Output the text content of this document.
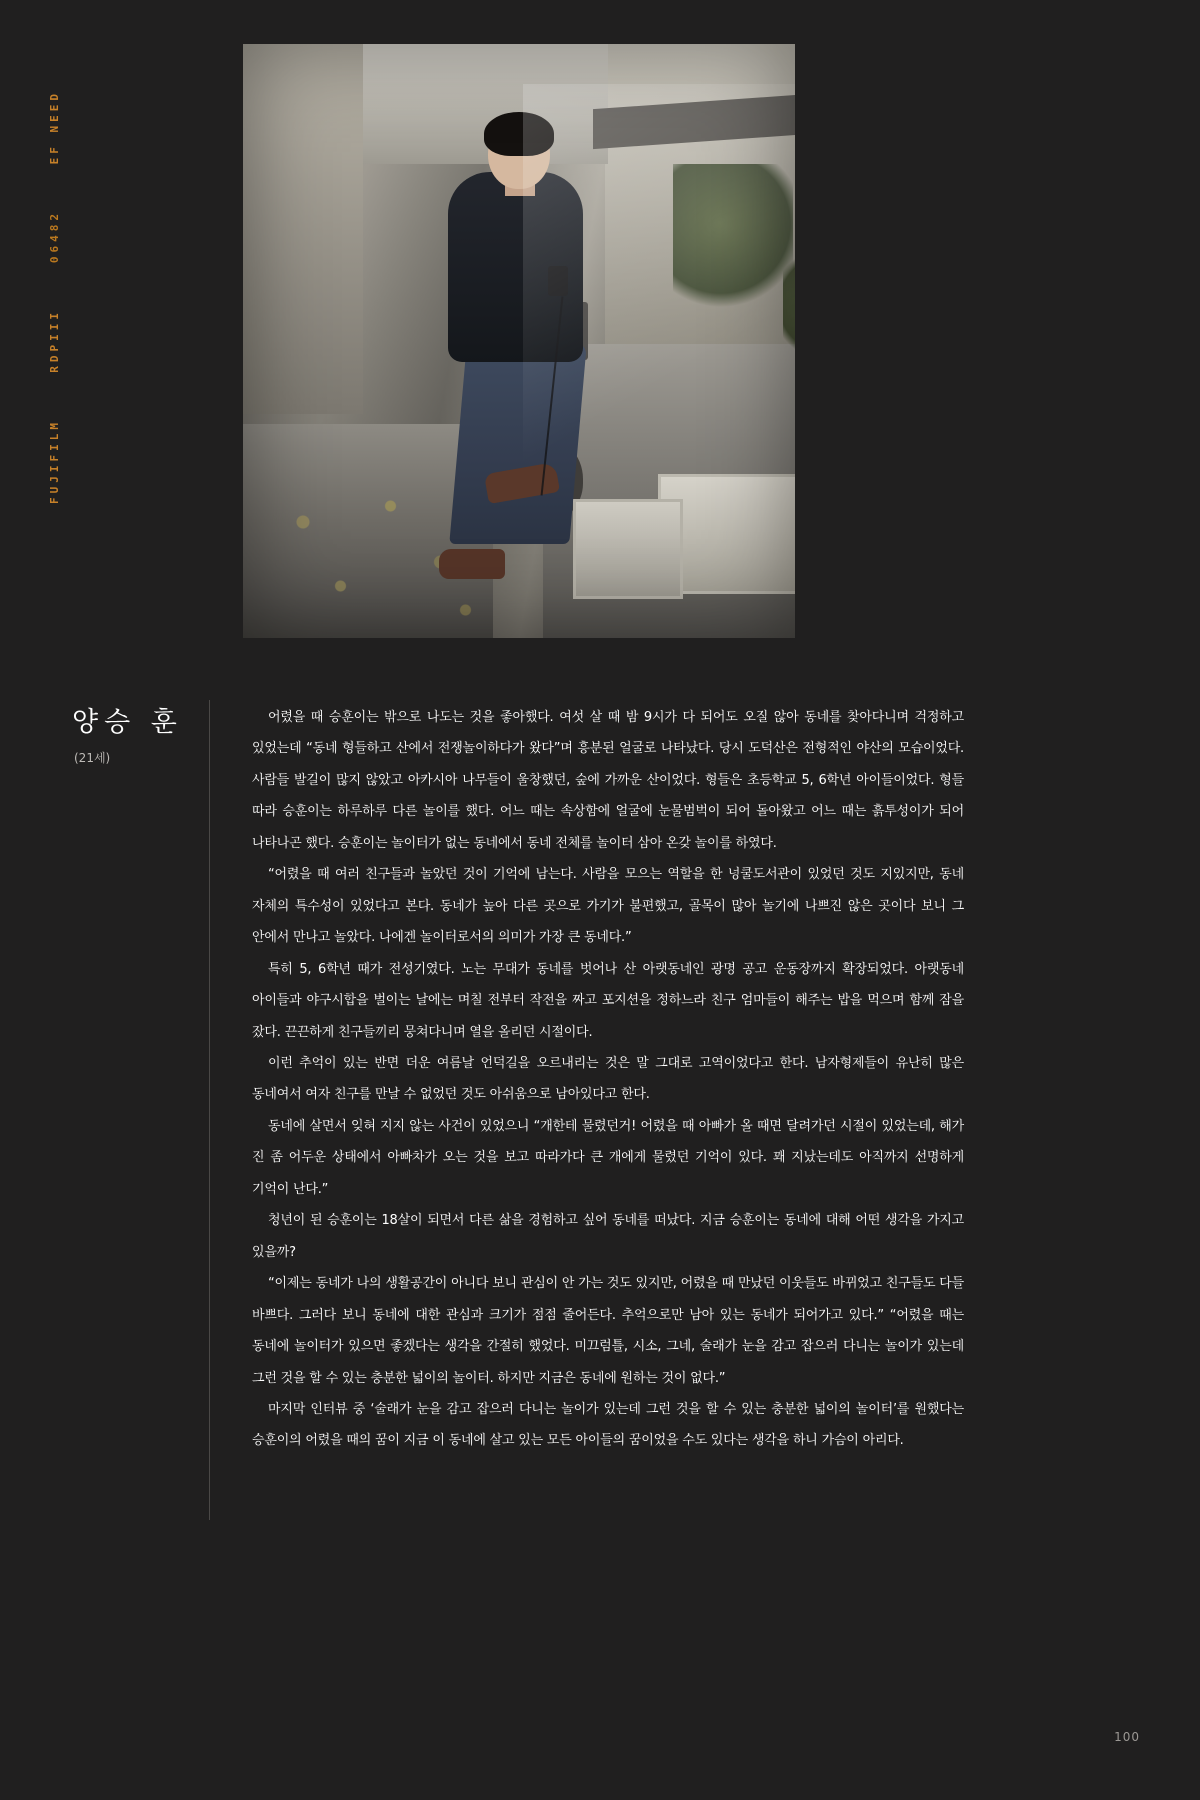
EF NEED
06482
RDPIII
FUJIFILM
양승 훈
(21세)

어렸을 때 승훈이는 밖으로 나도는 것을 좋아했다. 여섯 살 때 밤 9시가 다 되어도 오질 않아 동네를 찾아다니며 걱정하고 있었는데 “동네 형들하고 산에서 전쟁놀이하다가 왔다”며 흥분된 얼굴로 나타났다. 당시 도덕산은 전형적인 야산의 모습이었다. 사람들 발길이 많지 않았고 아카시아 나무들이 울창했던, 숲에 가까운 산이었다. 형들은 초등학교 5, 6학년 아이들이었다. 형들 따라 승훈이는 하루하루 다른 놀이를 했다. 어느 때는 속상함에 얼굴에 눈물범벅이 되어 돌아왔고 어느 때는 흙투성이가 되어 나타나곤 했다. 승훈이는 놀이터가 없는 동네에서 동네 전체를 놀이터 삼아 온갖 놀이를 하였다.

“어렸을 때 여러 친구들과 놀았던 것이 기억에 남는다. 사람을 모으는 역할을 한 넝쿨도서관이 있었던 것도 지있지만, 동네 자체의 특수성이 있었다고 본다. 동네가 높아 다른 곳으로 가기가 불편했고, 골목이 많아 놀기에 나쁘진 않은 곳이다 보니 그 안에서 만나고 놀았다. 나에겐 놀이터로서의 의미가 가장 큰 동네다.”

특히 5, 6학년 때가 전성기였다. 노는 무대가 동네를 벗어나 산 아랫동네인 광명 공고 운동장까지 확장되었다. 아랫동네 아이들과 야구시합을 벌이는 날에는 며칠 전부터 작전을 짜고 포지션을 정하느라 친구 엄마들이 해주는 밥을 먹으며 함께 잠을 잤다. 끈끈하게 친구들끼리 뭉쳐다니며 열을 올리던 시절이다.

이런 추억이 있는 반면 더운 여름날 언덕길을 오르내리는 것은 말 그대로 고역이었다고 한다. 남자형제들이 유난히 많은 동네여서 여자 친구를 만날 수 없었던 것도 아쉬움으로 남아있다고 한다.

동네에 살면서 잊혀 지지 않는 사건이 있었으니 “개한테 물렸던거! 어렸을 때 아빠가 올 때면 달려가던 시절이 있었는데, 해가 진 좀 어두운 상태에서 아빠차가 오는 것을 보고 따라가다 큰 개에게 물렸던 기억이 있다. 꽤 지났는데도 아직까지 선명하게 기억이 난다.”

청년이 된 승훈이는 18살이 되면서 다른 삶을 경험하고 싶어 동네를 떠났다. 지금 승훈이는 동네에 대해 어떤 생각을 가지고 있을까?

“이제는 동네가 나의 생활공간이 아니다 보니 관심이 안 가는 것도 있지만, 어렸을 때 만났던 이웃들도 바뀌었고 친구들도 다들 바쁘다. 그러다 보니 동네에 대한 관심과 크기가 점점 줄어든다. 추억으로만 남아 있는 동네가 되어가고 있다.” “어렸을 때는 동네에 놀이터가 있으면 좋겠다는 생각을 간절히 했었다. 미끄럼틀, 시소, 그네, 술래가 눈을 감고 잡으러 다니는 놀이가 있는데 그런 것을 할 수 있는 충분한 넓이의 놀이터. 하지만 지금은 동네에 원하는 것이 없다.”

마지막 인터뷰 중 ‘술래가 눈을 감고 잡으러 다니는 놀이가 있는데 그런 것을 할 수 있는 충분한 넓이의 놀이터’를 원했다는 승훈이의 어렸을 때의 꿈이 지금 이 동네에 살고 있는 모든 아이들의 꿈이었을 수도 있다는 생각을 하니 가슴이 아리다.

100
